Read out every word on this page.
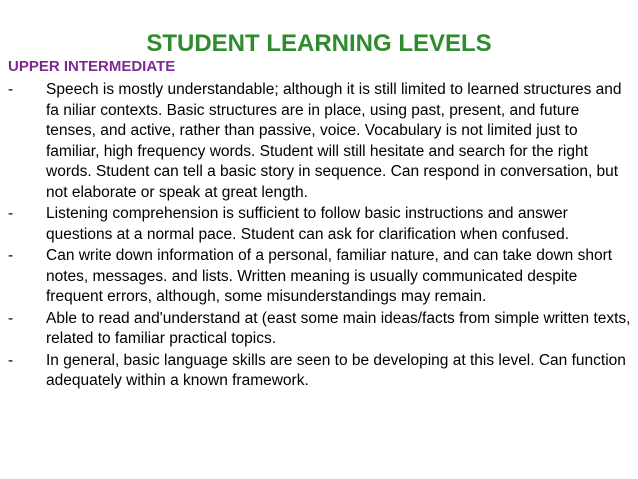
STUDENT LEARNING LEVELS
UPPER INTERMEDIATE
-	Speech is mostly understandable; although it is still limited to learned structures and fa niliar contexts. Basic structures are in place, using past, present, and future tenses, and active, rather than passive, voice. Vocabulary is not limited just to familiar, high frequency words. Student will still hesitate and search for the right words. Student can tell a basic story in sequence. Can respond in conversation, but not elaborate or speak at great length.
-	Listening comprehension is sufficient to follow basic instructions and answer questions at a normal pace. Student can ask for clarification when confused.
-	Can write down information of a personal, familiar nature, and can take down short notes, messages. and lists. Written meaning is usually communicated despite frequent errors, although, some misunderstandings may remain.
-	Able to read and'understand at (east some main ideas/facts from simple written texts, related to familiar practical topics.
-	In general, basic language skills are seen to be developing at this level. Can function adequately within a known framework.
